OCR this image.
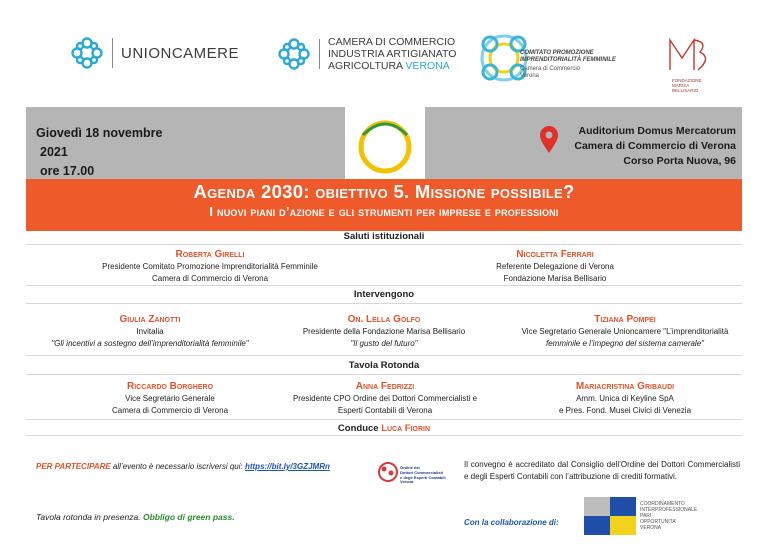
UNIONCAMERE
CAMERA DI COMMERCIO
INDUSTRIA ARTIGIANATO
AGRICOLTURA VERONA
COMITATO PROMOZIONE
IMPRENDITORIALITÀ FEMMINILE
Camera di Commercio
Verona
FONDAZIONE
MARISA
BELLISARIO
Giovedì 18 novembre
2021
ore 17.00
Auditorium Domus Mercatorum
Camera di Commercio di Verona
Corso Porta Nuova, 96
Agenda 2030: obiettivo 5. Missione possibile?
I nuovi piani d’azione e gli strumenti per imprese e professioni
Saluti istituzionali
Roberta Girelli
Presidente Comitato Promozione Imprenditorialità Femminile
Camera di Commercio di Verona
Nicoletta Ferrari
Referente Delegazione di Verona
Fondazione Marisa Bellisario
Intervengono
Giulia Zanotti
Invitalia
"Gli incentivi a sostegno dell’imprenditorialità femminile"
On. Lella Golfo
Presidente della Fondazione Marisa Bellisario
"Il gusto del futuro"
Tiziana Pompei
Vice Segretario Generale Unioncamere "L’imprenditorialità
femminile e l’impegno del sistema camerale"
Tavola Rotonda
Riccardo Borghero
Vice Segretario Generale
Camera di Commercio di Verona
Anna Fedrizzi
Presidente CPO Ordine dei Dottori Commercialisti e
Esperti Contabili di Verona
Mariacristina Gribaudi
Amm. Unica di Keyline SpA
e Pres. Fond. Musei Civici di Venezia
Conduce Luca Fiorin
PER PARTECIPARE all’evento è necessario iscriversi qui: https://bit.ly/3GZJMRn
Tavola rotonda in presenza. Obbligo di green pass.
Ordine dei
Dottori Commercialisti
e degli Esperti Contabili
Verona
Il convegno è accreditato dal Consiglio dell’Ordine dei Dottori Commercialisti e degli Esperti Contabili con l’attribuzione di crediti formativi.
Con la collaborazione di:
COORDINAMENTO
INTERPROFESSIONALE
PARI
OPPORTUNITA’
VERONA
